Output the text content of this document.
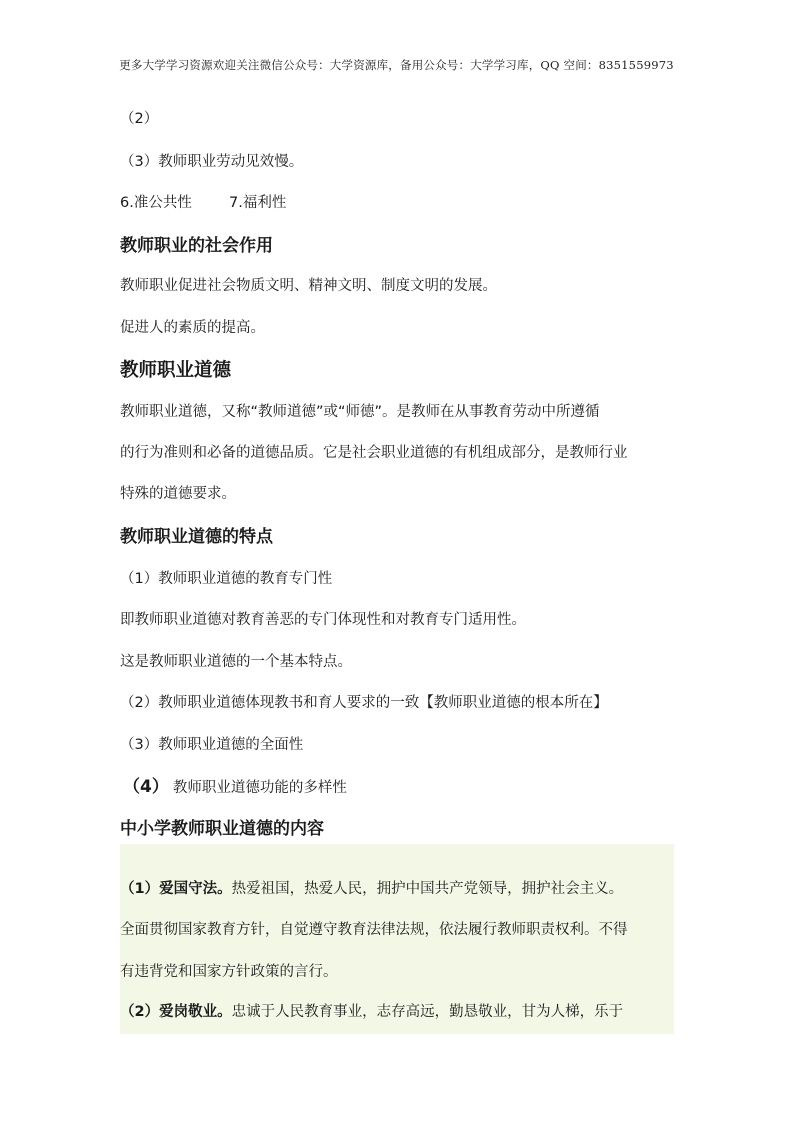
更多大学学习资源欢迎关注微信公众号：大学资源库，备用公众号：大学学习库，QQ 空间：8351559973
（2）
（3）教师职业劳动见效慢。
6.准公共性	7.福利性
教师职业的社会作用
教师职业促进社会物质文明、精神文明、制度文明的发展。
促进人的素质的提高。
教师职业道德
教师职业道德，又称“教师道德”或“师德”。是教师在从事教育劳动中所遵循
的行为准则和必备的道德品质。它是社会职业道德的有机组成部分，是教师行业
特殊的道德要求。
教师职业道德的特点
（1）教师职业道德的教育专门性
即教师职业道德对教育善恶的专门体现性和对教育专门适用性。
这是教师职业道德的一个基本特点。
（2）教师职业道德体现教书和育人要求的一致【教师职业道德的根本所在】
（3）教师职业道德的全面性
（4） 教师职业道德功能的多样性
中小学教师职业道德的内容
（1）爱国守法。热爱祖国，热爱人民，拥护中国共产党领导，拥护社会主义。
全面贯彻国家教育方针，自觉遵守教育法律法规，依法履行教师职责权利。不得
有违背党和国家方针政策的言行。
（2）爱岗敬业。忠诚于人民教育事业，志存高远，勤恳敬业，甘为人梯，乐于
